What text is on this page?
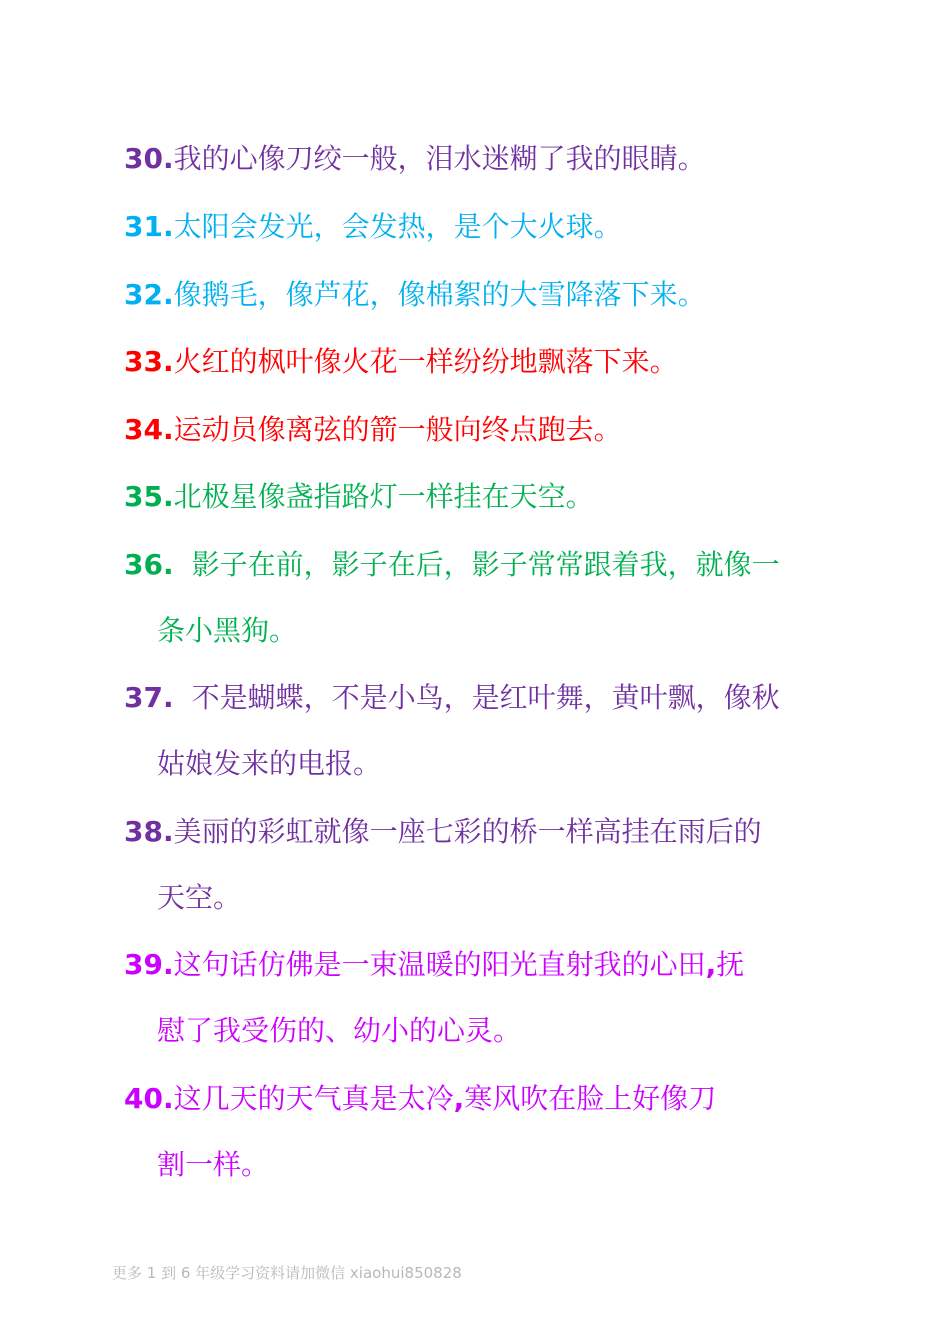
30.我的心像刀绞一般，泪水迷糊了我的眼睛。
31.太阳会发光，会发热，是个大火球。
32.像鹅毛，像芦花，像棉絮的大雪降落下来。
33.火红的枫叶像火花一样纷纷地飘落下来。
34.运动员像离弦的箭一般向终点跑去。
35.北极星像盏指路灯一样挂在天空。
36. 影子在前，影子在后，影子常常跟着我，就像一
条小黑狗。
37. 不是蝴蝶，不是小鸟，是红叶舞，黄叶飘，像秋
姑娘发来的电报。
38.美丽的彩虹就像一座七彩的桥一样高挂在雨后的
天空。
39.这句话仿佛是一束温暖的阳光直射我的心田,抚
慰了我受伤的、幼小的心灵。
40.这几天的天气真是太冷,寒风吹在脸上好像刀
割一样。
更多 1 到 6 年级学习资料请加微信 xiaohui850828
